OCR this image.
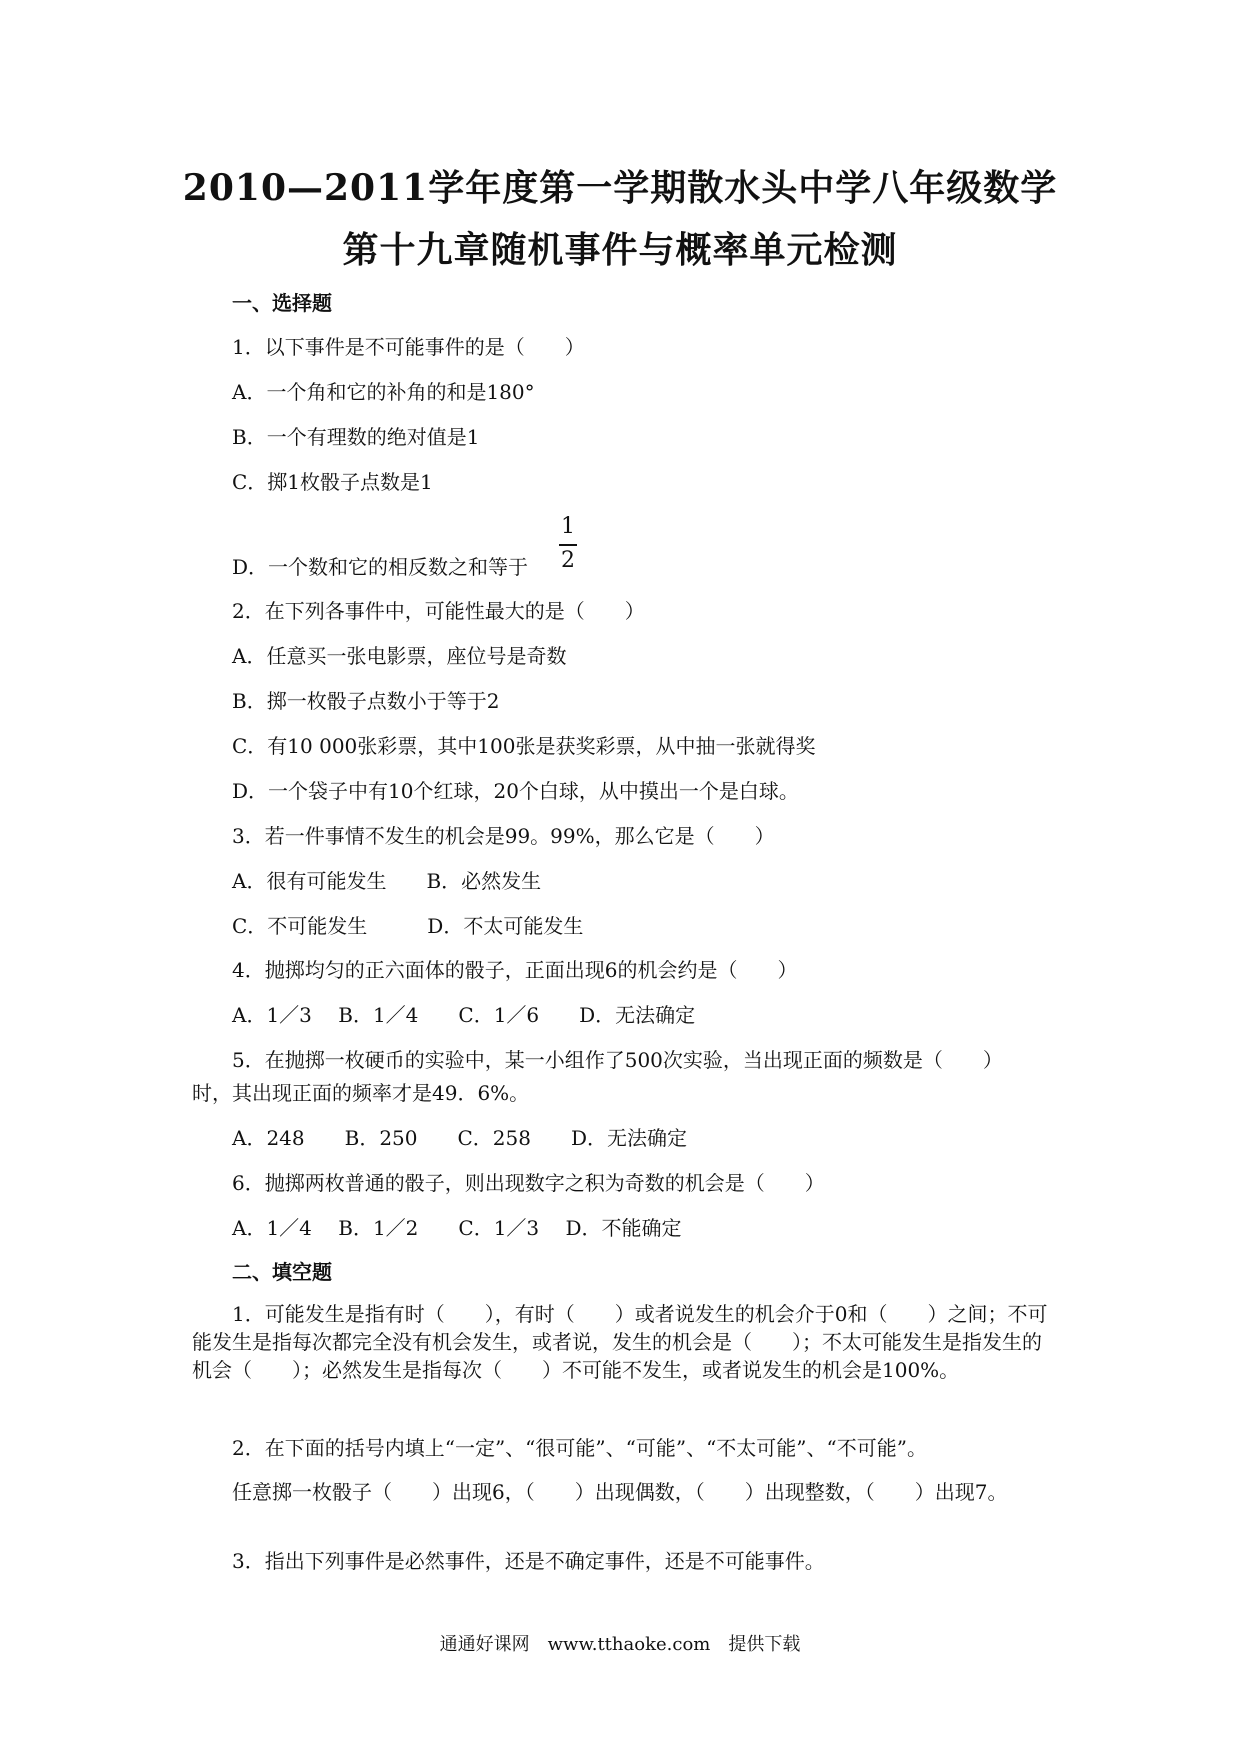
2010—2011学年度第一学期散水头中学八年级数学
第十九章随机事件与概率单元检测
一、选择题
1．以下事件是不可能事件的是（　　）
A．一个角和它的补角的和是180°
B．一个有理数的绝对值是1
C．掷1枚骰子点数是1
D．一个数和它的相反数之和等于
1
2
2．在下列各事件中，可能性最大的是（　　）
A．任意买一张电影票，座位号是奇数
B．掷一枚骰子点数小于等于2
C．有10 000张彩票，其中100张是获奖彩票，从中抽一张就得奖
D．一个袋子中有10个红球，20个白球，从中摸出一个是白球。
3．若一件事情不发生的机会是99。99%，那么它是（　　）
A．很有可能发生　　B．必然发生
C．不可能发生　　　D．不太可能发生
4．抛掷均匀的正六面体的骰子，正面出现6的机会约是（　　）
A．1／3　 B．1／4　　C．1／6　　D．无法确定
5．在抛掷一枚硬币的实验中，某一小组作了500次实验，当出现正面的频数是（　　）
时，其出现正面的频率才是49．6%。
A．248　　B．250　　C．258　　D．无法确定
6．抛掷两枚普通的骰子，则出现数字之积为奇数的机会是（　　）
A．1／4　 B．1／2　　C．1／3　 D．不能确定
二、填空题
1．可能发生是指有时（　　），有时（　　）或者说发生的机会介于0和（　　）之间；不可能发生是指每次都完全没有机会发生，或者说，发生的机会是（　　）；不太可能发生是指发生的机会（　　）；必然发生是指每次（　　）不可能不发生，或者说发生的机会是100%。
2．在下面的括号内填上“一定”、“很可能”、“可能”、“不太可能”、“不可能”。
任意掷一枚骰子（　　）出现6，（　　）出现偶数，（　　）出现整数，（　　）出现7。
3．指出下列事件是必然事件，还是不确定事件，还是不可能事件。
通通好课网　www.tthaoke.com　提供下载
